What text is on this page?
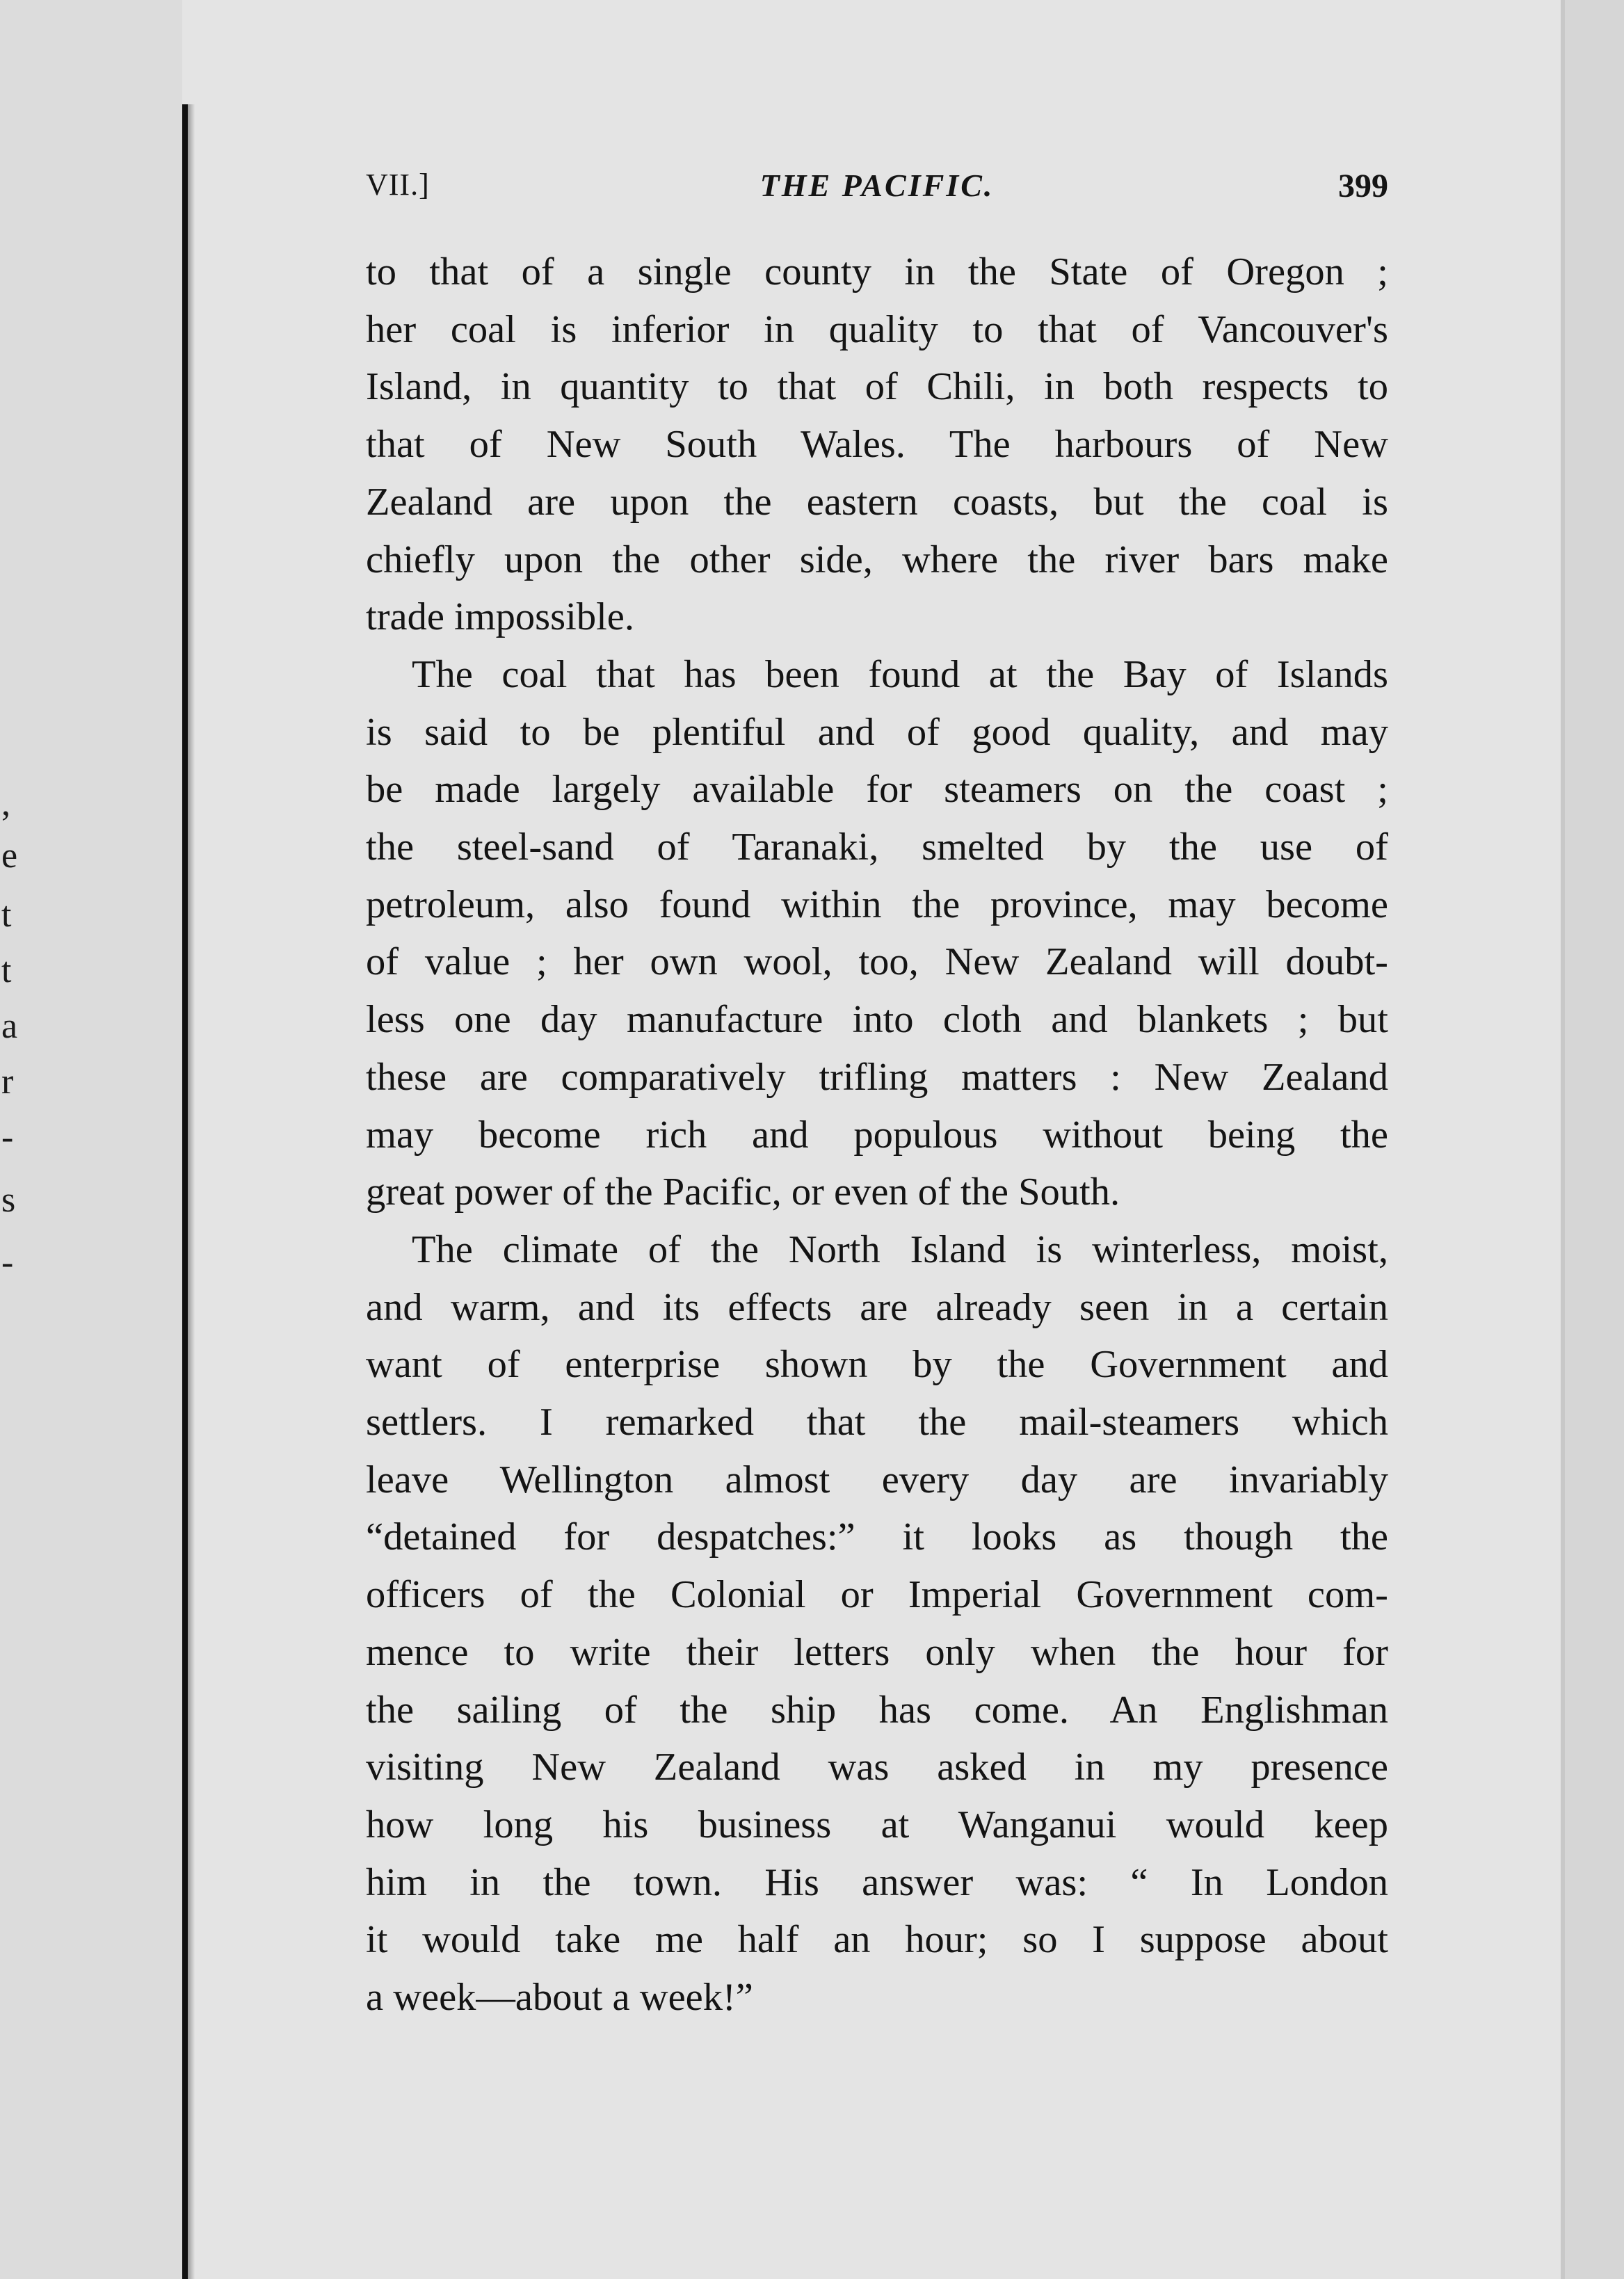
,
e
t
t
a
r
-
s
-
VII.]	THE PACIFIC.	399
to that of a single county in the State of Oregon ;
her coal is inferior in quality to that of Vancouver's
Island, in quantity to that of Chili, in both respects to
that of New South Wales. The harbours of New
Zealand are upon the eastern coasts, but the coal is
chiefly upon the other side, where the river bars make
trade impossible.
The coal that has been found at the Bay of Islands
is said to be plentiful and of good quality, and may
be made largely available for steamers on the coast ;
the steel-sand of Taranaki, smelted by the use of
petroleum, also found within the province, may become
of value ; her own wool, too, New Zealand will doubt-
less one day manufacture into cloth and blankets ; but
these are comparatively trifling matters : New Zealand
may become rich and populous without being the
great power of the Pacific, or even of the South.
The climate of the North Island is winterless, moist,
and warm, and its effects are already seen in a certain
want of enterprise shown by the Government and
settlers. I remarked that the mail-steamers which
leave Wellington almost every day are invariably
“detained for despatches:” it looks as though the
officers of the Colonial or Imperial Government com-
mence to write their letters only when the hour for
the sailing of the ship has come. An Englishman
visiting New Zealand was asked in my presence
how long his business at Wanganui would keep
him in the town. His answer was: “ In London
it would take me half an hour; so I suppose about
a week—about a week!”
